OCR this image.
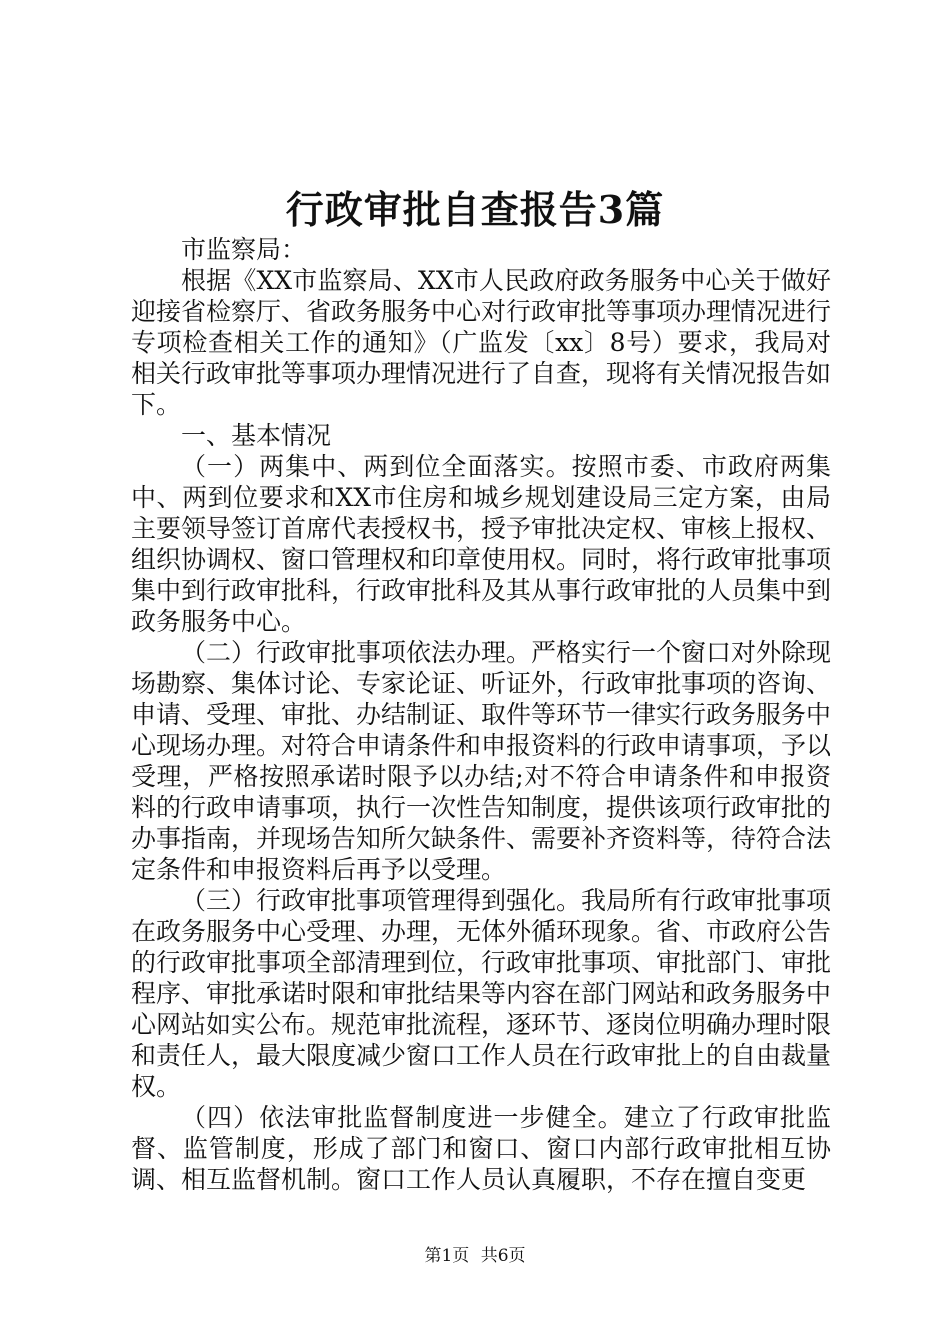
行政审批自查报告3篇

市监察局：

根据《XX市监察局、XX市人民政府政务服务中心关于做好迎接省检察厅、省政务服务中心对行政审批等事项办理情况进行专项检查相关工作的通知》（广监发〔xx〕8号）要求，我局对相关行政审批等事项办理情况进行了自查，现将有关情况报告如下。

一、基本情况

（一）两集中、两到位全面落实。按照市委、市政府两集中、两到位要求和XX市住房和城乡规划建设局三定方案，由局主要领导签订首席代表授权书，授予审批决定权、审核上报权、组织协调权、窗口管理权和印章使用权。同时，将行政审批事项集中到行政审批科，行政审批科及其从事行政审批的人员集中到政务服务中心。

（二）行政审批事项依法办理。严格实行一个窗口对外除现场勘察、集体讨论、专家论证、听证外，行政审批事项的咨询、申请、受理、审批、办结制证、取件等环节一律实行政务服务中心现场办理。对符合申请条件和申报资料的行政申请事项，予以受理，严格按照承诺时限予以办结;对不符合申请条件和申报资料的行政申请事项，执行一次性告知制度，提供该项行政审批的办事指南，并现场告知所欠缺条件、需要补齐资料等，待符合法定条件和申报资料后再予以受理。

（三）行政审批事项管理得到强化。我局所有行政审批事项在政务服务中心受理、办理，无体外循环现象。省、市政府公告的行政审批事项全部清理到位，行政审批事项、审批部门、审批程序、审批承诺时限和审批结果等内容在部门网站和政务服务中心网站如实公布。规范审批流程，逐环节、逐岗位明确办理时限和责任人，最大限度减少窗口工作人员在行政审批上的自由裁量权。

（四）依法审批监督制度进一步健全。建立了行政审批监督、监管制度，形成了部门和窗口、窗口内部行政审批相互协调、相互监督机制。窗口工作人员认真履职，不存在擅自变更

第1页 共6页
